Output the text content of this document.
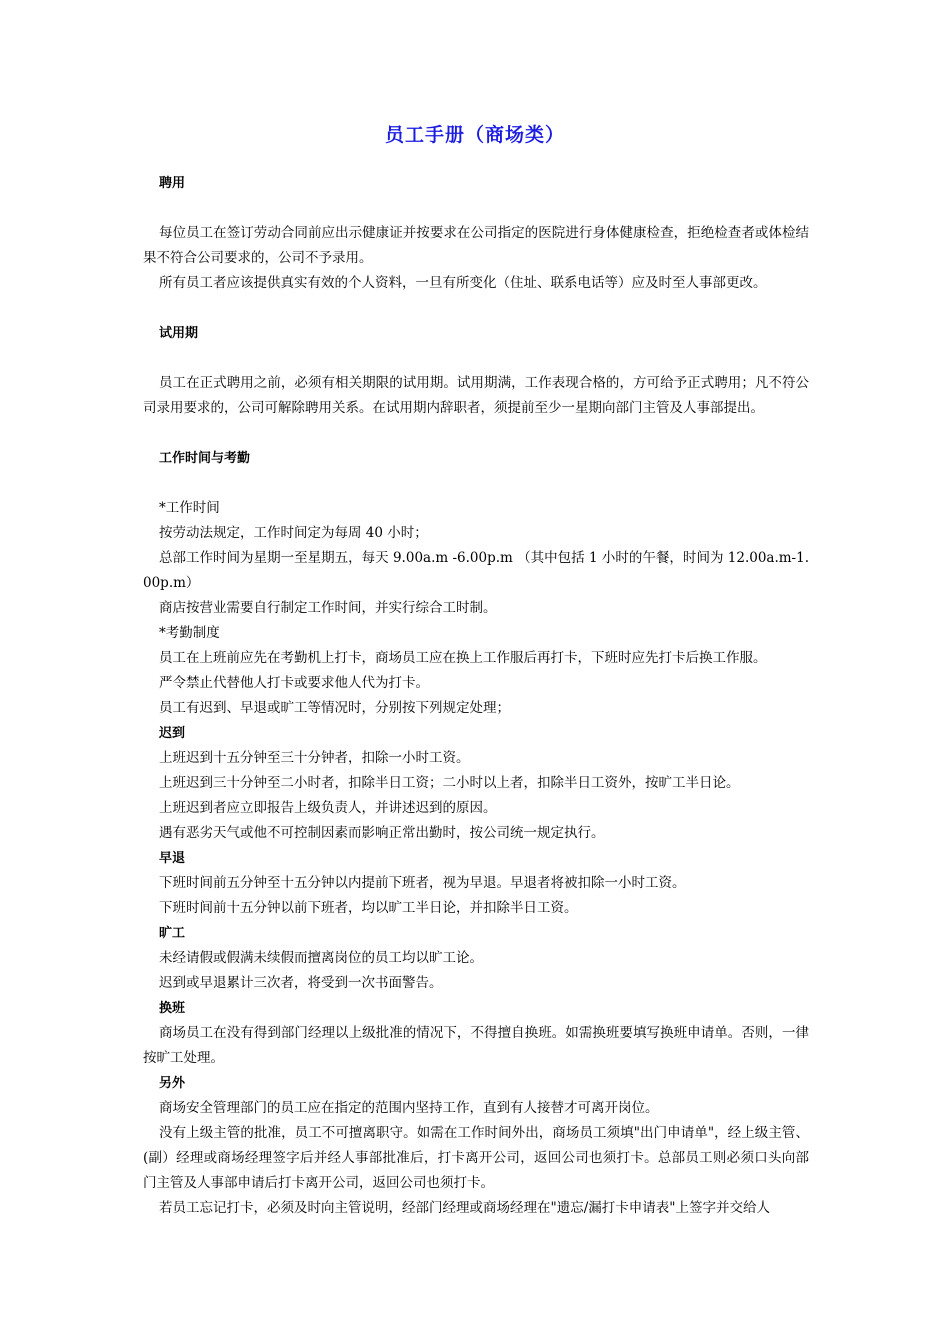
员工手册（商场类）
聘用
每位员工在签订劳动合同前应出示健康证并按要求在公司指定的医院进行身体健康检查，拒绝检查者或体检结果不符合公司要求的，公司不予录用。
所有员工者应该提供真实有效的个人资料，一旦有所变化（住址、联系电话等）应及时至人事部更改。
试用期
员工在正式聘用之前，必须有相关期限的试用期。试用期满，工作表现合格的，方可给予正式聘用；凡不符公司录用要求的，公司可解除聘用关系。在试用期内辞职者，须提前至少一星期向部门主管及人事部提出。
工作时间与考勤
*工作时间
按劳动法规定，工作时间定为每周 40 小时；
总部工作时间为星期一至星期五，每天 9.00a.m -6.00p.m （其中包括 1 小时的午餐，时间为 12.00a.m-1.00p.m）
商店按营业需要自行制定工作时间，并实行综合工时制。
*考勤制度
员工在上班前应先在考勤机上打卡，商场员工应在换上工作服后再打卡，下班时应先打卡后换工作服。
严令禁止代替他人打卡或要求他人代为打卡。
员工有迟到、早退或旷工等情况时，分别按下列规定处理；
迟到
上班迟到十五分钟至三十分钟者，扣除一小时工资。
上班迟到三十分钟至二小时者，扣除半日工资；二小时以上者，扣除半日工资外，按旷工半日论。
上班迟到者应立即报告上级负责人，并讲述迟到的原因。
遇有恶劣天气或他不可控制因素而影响正常出勤时，按公司统一规定执行。
早退
下班时间前五分钟至十五分钟以内提前下班者，视为早退。早退者将被扣除一小时工资。
下班时间前十五分钟以前下班者，均以旷工半日论，并扣除半日工资。
旷工
未经请假或假满未续假而擅离岗位的员工均以旷工论。
迟到或早退累计三次者，将受到一次书面警告。
换班
商场员工在没有得到部门经理以上级批准的情况下，不得擅自换班。如需换班要填写换班申请单。否则，一律按旷工处理。
另外
商场安全管理部门的员工应在指定的范围内坚持工作，直到有人接替才可离开岗位。
没有上级主管的批准，员工不可擅离职守。如需在工作时间外出，商场员工须填"出门申请单"，经上级主管、(副）经理或商场经理签字后并经人事部批准后，打卡离开公司，返回公司也须打卡。总部员工则必须口头向部门主管及人事部申请后打卡离开公司，返回公司也须打卡。
若员工忘记打卡，必须及时向主管说明，经部门经理或商场经理在"遗忘/漏打卡申请表"上签字并交给人
